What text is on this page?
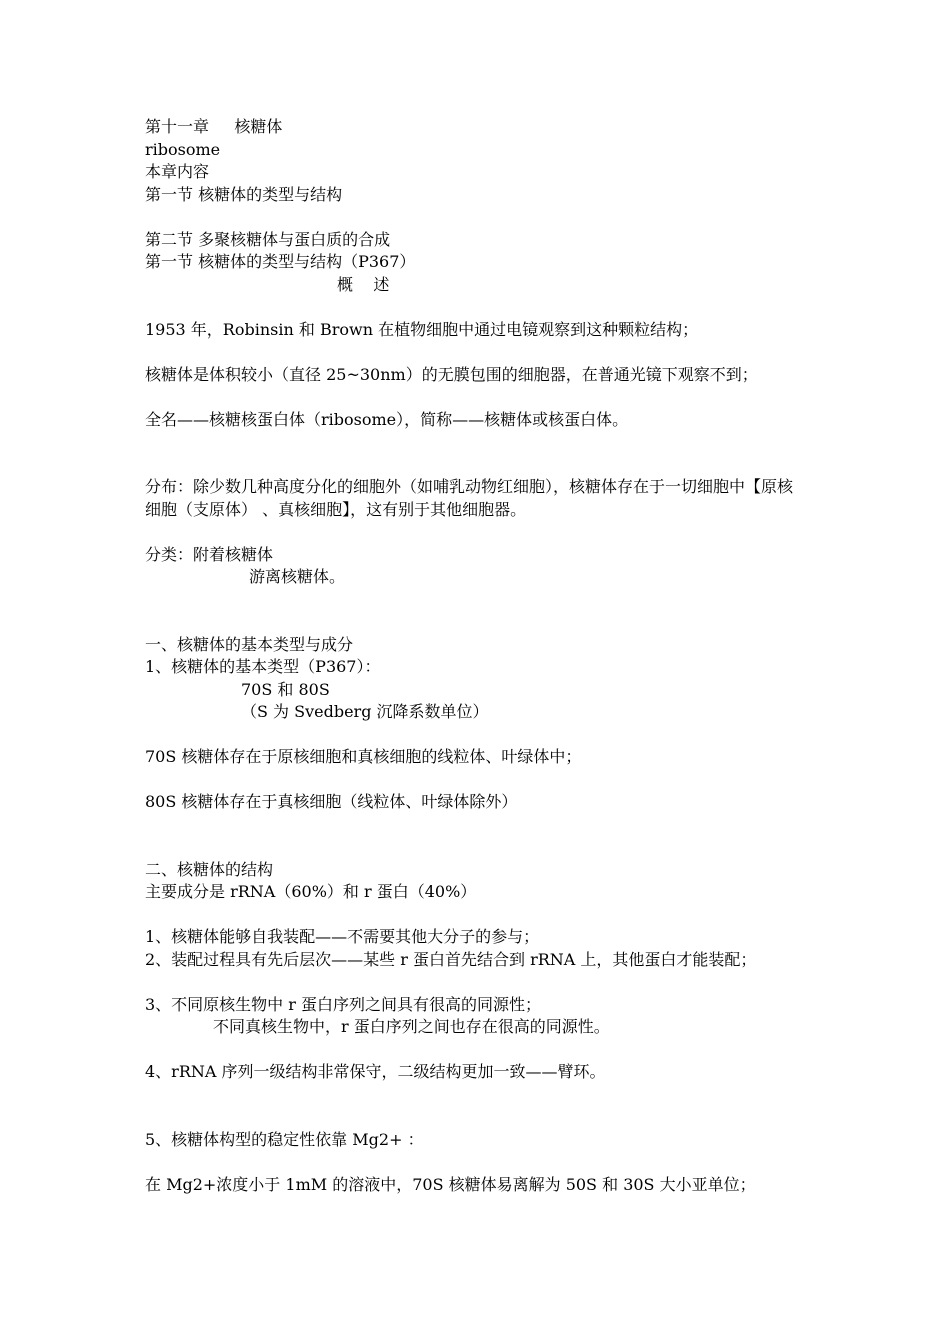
第十一章     核糖体
ribosome
本章内容
第一节 核糖体的类型与结构
第二节 多聚核糖体与蛋白质的合成
第一节 核糖体的类型与结构（P367）
概    述
1953 年，Robinsin 和 Brown 在植物细胞中通过电镜观察到这种颗粒结构；
核糖体是体积较小（直径 25~30nm）的无膜包围的细胞器，在普通光镜下观察不到；
全名——核糖核蛋白体（ribosome），简称——核糖体或核蛋白体。
分布：除少数几种高度分化的细胞外（如哺乳动物红细胞），核糖体存在于一切细胞中【原核细胞（支原体） 、真核细胞】，这有别于其他细胞器。
分类：附着核糖体
游离核糖体。
一、核糖体的基本类型与成分
1、核糖体的基本类型（P367）：
70S 和 80S
（S 为 Svedberg 沉降系数单位）
70S 核糖体存在于原核细胞和真核细胞的线粒体、叶绿体中；
80S 核糖体存在于真核细胞（线粒体、叶绿体除外）
二、核糖体的结构
主要成分是 rRNA（60%）和 r 蛋白（40%）
1、核糖体能够自我装配——不需要其他大分子的参与；
2、装配过程具有先后层次——某些 r 蛋白首先结合到 rRNA 上，其他蛋白才能装配；
3、不同原核生物中 r 蛋白序列之间具有很高的同源性；
不同真核生物中，r 蛋白序列之间也存在很高的同源性。
4、rRNA 序列一级结构非常保守，二级结构更加一致——臂环。
5、核糖体构型的稳定性依靠 Mg2+ ：
在 Mg2+浓度小于 1mM 的溶液中，70S 核糖体易离解为 50S 和 30S 大小亚单位；
